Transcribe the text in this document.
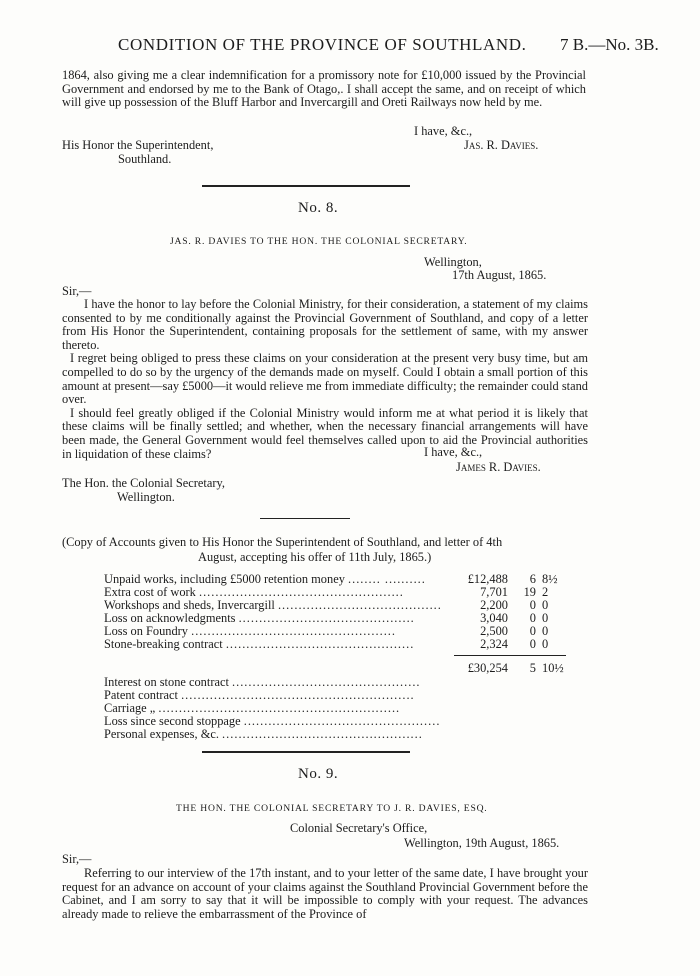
CONDITION OF THE PROVINCE OF SOUTHLAND. 7 B.—No. 3B.

1864, also giving me a clear indemnification for a promissory note for £10,000 issued by the Provincial Government and endorsed by me to the Bank of Otago,. I shall accept the same, and on receipt of which will give up possession of the Bluff Harbor and Invercargill and Oreti Railways now held by me.

I have, &c.,
His Honor the Superintendent,	Jas. R. Davies.
Southland.
No. 8.
JAS. R. DAVIES TO THE HON. THE COLONIAL SECRETARY.
Wellington,
17th August, 1865.
Sir,—

I have the honor to lay before the Colonial Ministry, for their consideration, a statement of my claims consented to by me conditionally against the Provincial Government of Southland, and copy of a letter from His Honor the Superintendent, containing proposals for the settlement of same, with my answer thereto.

I regret being obliged to press these claims on your consideration at the present very busy time, but am compelled to do so by the urgency of the demands made on myself. Could I obtain a small portion of this amount at present—say £5000—it would relieve me from immediate difficulty; the remainder could stand over.

I should feel greatly obliged if the Colonial Ministry would inform me at what period it is likely that these claims will be finally settled; and whether, when the necessary financial arrangements will have been made, the General Government would feel themselves called upon to aid the Provincial authorities in liquidation of these claims?	I have, &c.,
James R. Davies.
The Hon. the Colonial Secretary,
Wellington.
(Copy of Accounts given to His Honor the Superintendent of Southland, and letter of 4th
August, accepting his offer of 11th July, 1865.)
Unpaid works, including £5000 retention money ........ ..........	£12,488	6 8½
Extra cost of work ..................................................	7,701	19 2
Workshops and sheds, Invercargill ........................................	2,200	0 0
Loss on acknowledgments ...........................................	3,040	0 0
Loss on Foundry ..................................................	2,500	0 0
Stone-breaking contract ..............................................	2,324	0 0
£30,254	5 10½
Interest on stone contract ..............................................
Patent contract .........................................................
Carriage „ ...........................................................
Loss since second stoppage ................................................
Personal expenses, &c. .................................................
No. 9.
THE HON. THE COLONIAL SECRETARY TO J. R. DAVIES, ESQ.
Colonial Secretary's Office,
Wellington, 19th August, 1865.
Sir,—

Referring to our interview of the 17th instant, and to your letter of the same date, I have brought your request for an advance on account of your claims against the Southland Provincial Government before the Cabinet, and I am sorry to say that it will be impossible to comply with your request. The advances already made to relieve the embarrassment of the Province of
